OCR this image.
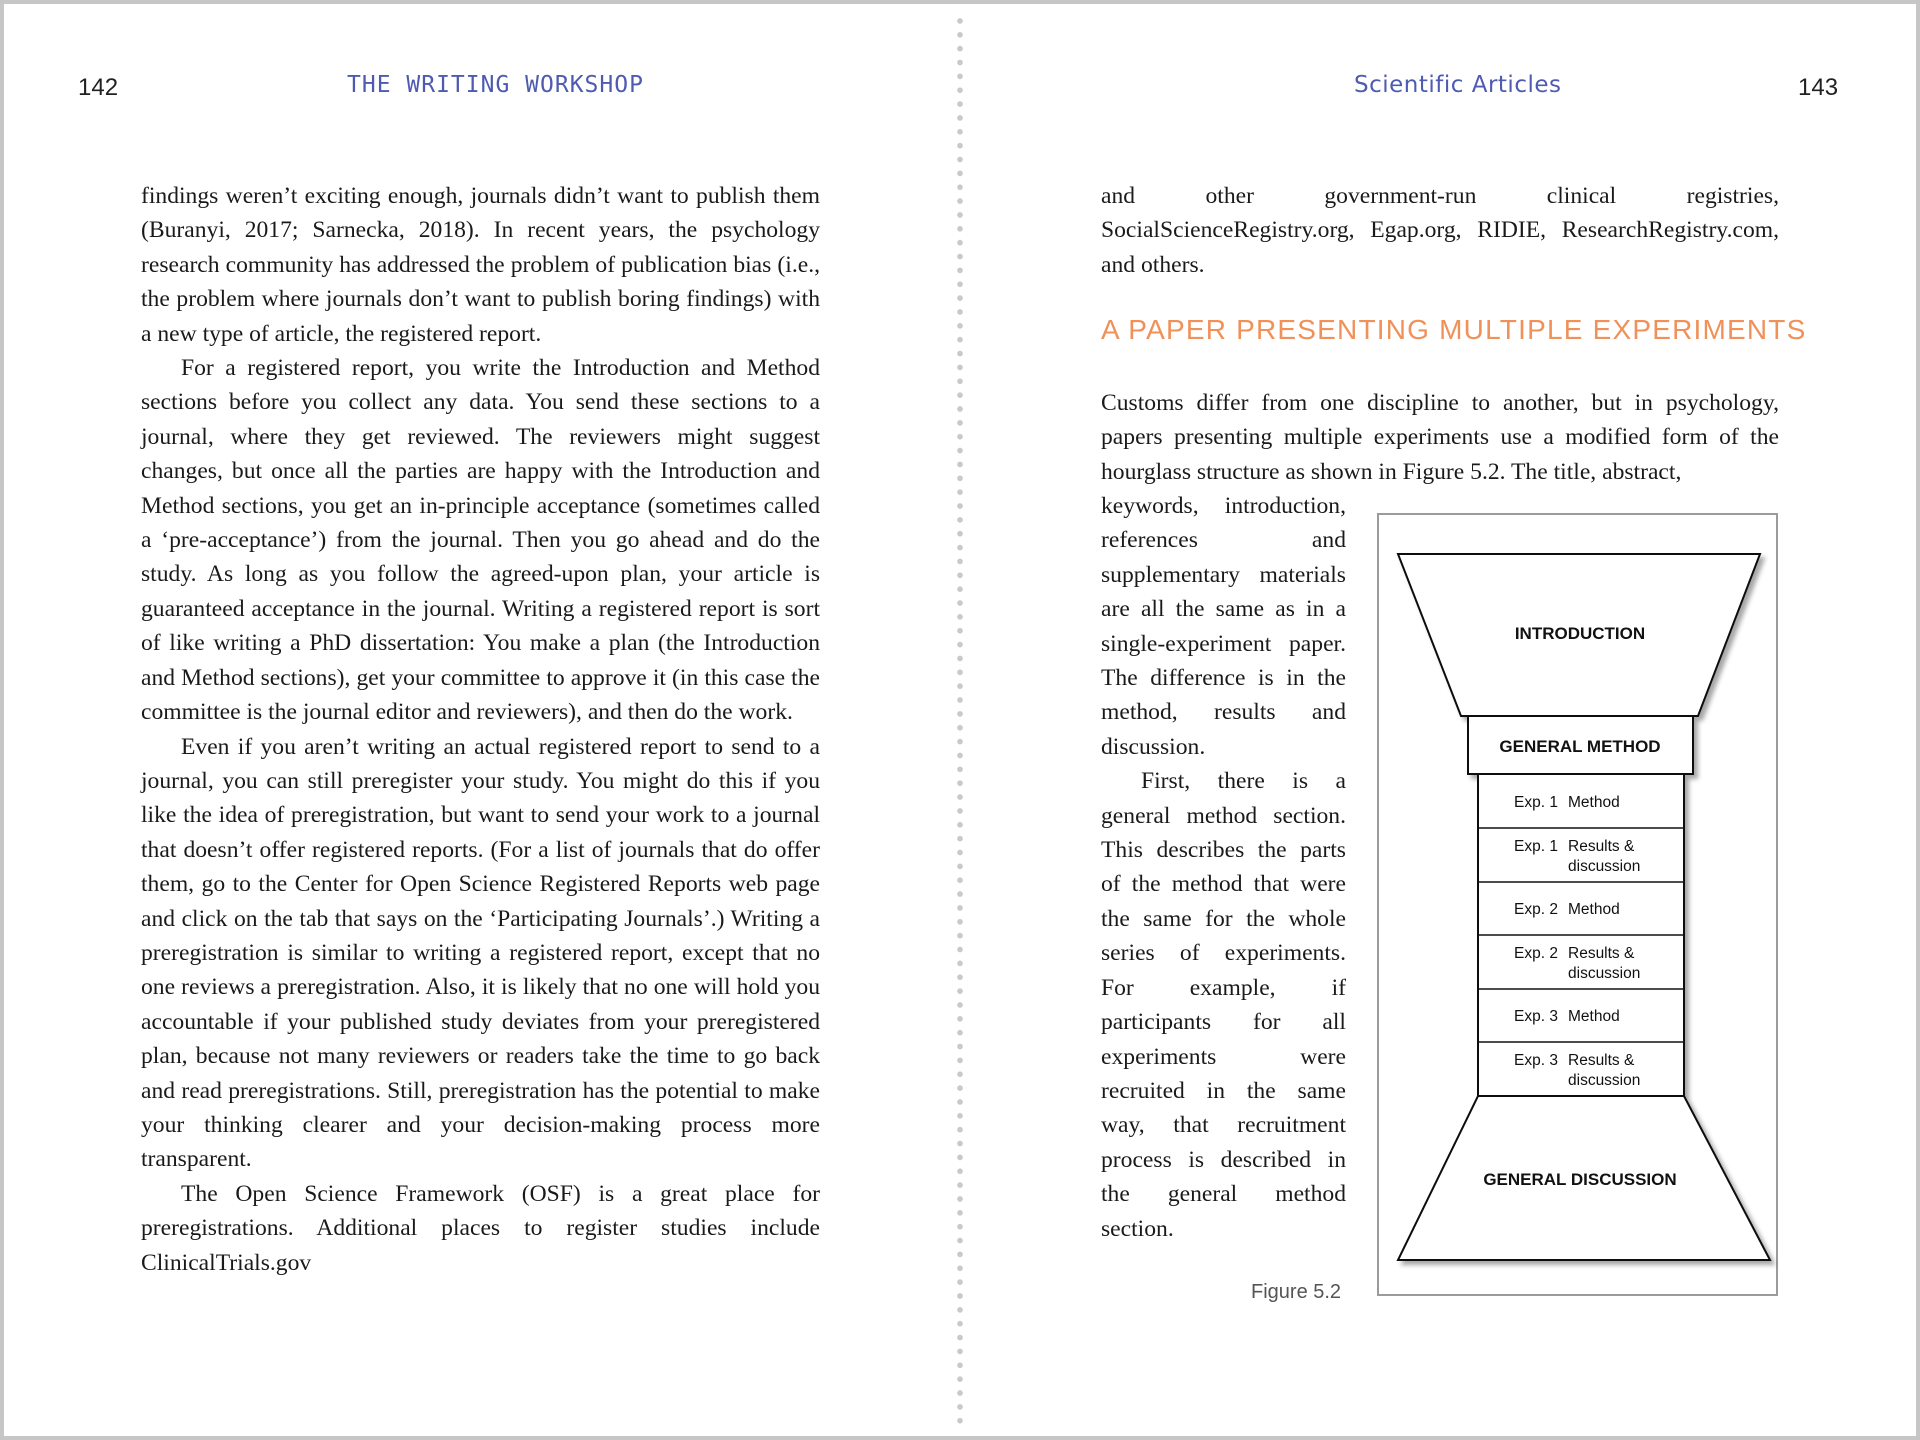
142	THE WRITING WORKSHOP

findings weren’t exciting enough, journals didn’t want to publish them (Buranyi, 2017; Sarnecka, 2018). In recent years, the psychology research community has addressed the problem of publication bias (i.e., the problem where journals don’t want to publish boring findings) with a new type of article, the registered report.

For a registered report, you write the Introduction and Method sections before you collect any data. You send these sections to a journal, where they get reviewed. The reviewers might suggest changes, but once all the parties are happy with the Introduction and Method sections, you get an in-principle acceptance (sometimes called a ‘pre-acceptance’) from the journal. Then you go ahead and do the study. As long as you follow the agreed-upon plan, your article is guaranteed acceptance in the journal. Writing a registered report is sort of like writing a PhD dissertation: You make a plan (the Introduction and Method sections), get your committee to approve it (in this case the committee is the journal editor and reviewers), and then do the work.

Even if you aren’t writing an actual registered report to send to a journal, you can still preregister your study. You might do this if you like the idea of preregistration, but want to send your work to a journal that doesn’t offer registered reports. (For a list of journals that do offer them, go to the Center for Open Science Registered Reports web page and click on the tab that says on the ‘Participating Journals’.) Writing a preregistration is similar to writing a registered report, except that no one reviews a preregistration. Also, it is likely that no one will hold you accountable if your published study deviates from your preregistered plan, because not many reviewers or readers take the time to go back and read preregistrations. Still, preregistration has the potential to make your thinking clearer and your decision-making process more transparent.

The Open Science Framework (OSF) is a great place for preregistrations. Additional places to register studies include ClinicalTrials.gov

Scientific Articles	143

and other government-run clinical registries, SocialScienceRegistry.org, Egap.org, RIDIE, ResearchRegistry.com, and others.

A PAPER PRESENTING MULTIPLE EXPERIMENTS

Customs differ from one discipline to another, but in psychology, papers presenting multiple experiments use a modified form of the hourglass structure as shown in Figure 5.2. The title, abstract,

keywords, introduction, references and supplementary materials are all the same as in a single-experiment paper. The difference is in the method, results and discussion.

First, there is a general method section. This describes the parts of the method that were the same for the whole series of experiments. For example, if participants for all experiments were recruited in the same way, that recruitment process is described in the general method section.

INTRODUCTION
GENERAL METHOD
GENERAL DISCUSSION
Exp. 1 Method
Exp. 1 Results &
discussion
Exp. 2 Method
Exp. 2 Results &
discussion
Exp. 3 Method
Exp. 3 Results &
discussion
Figure 5.2
